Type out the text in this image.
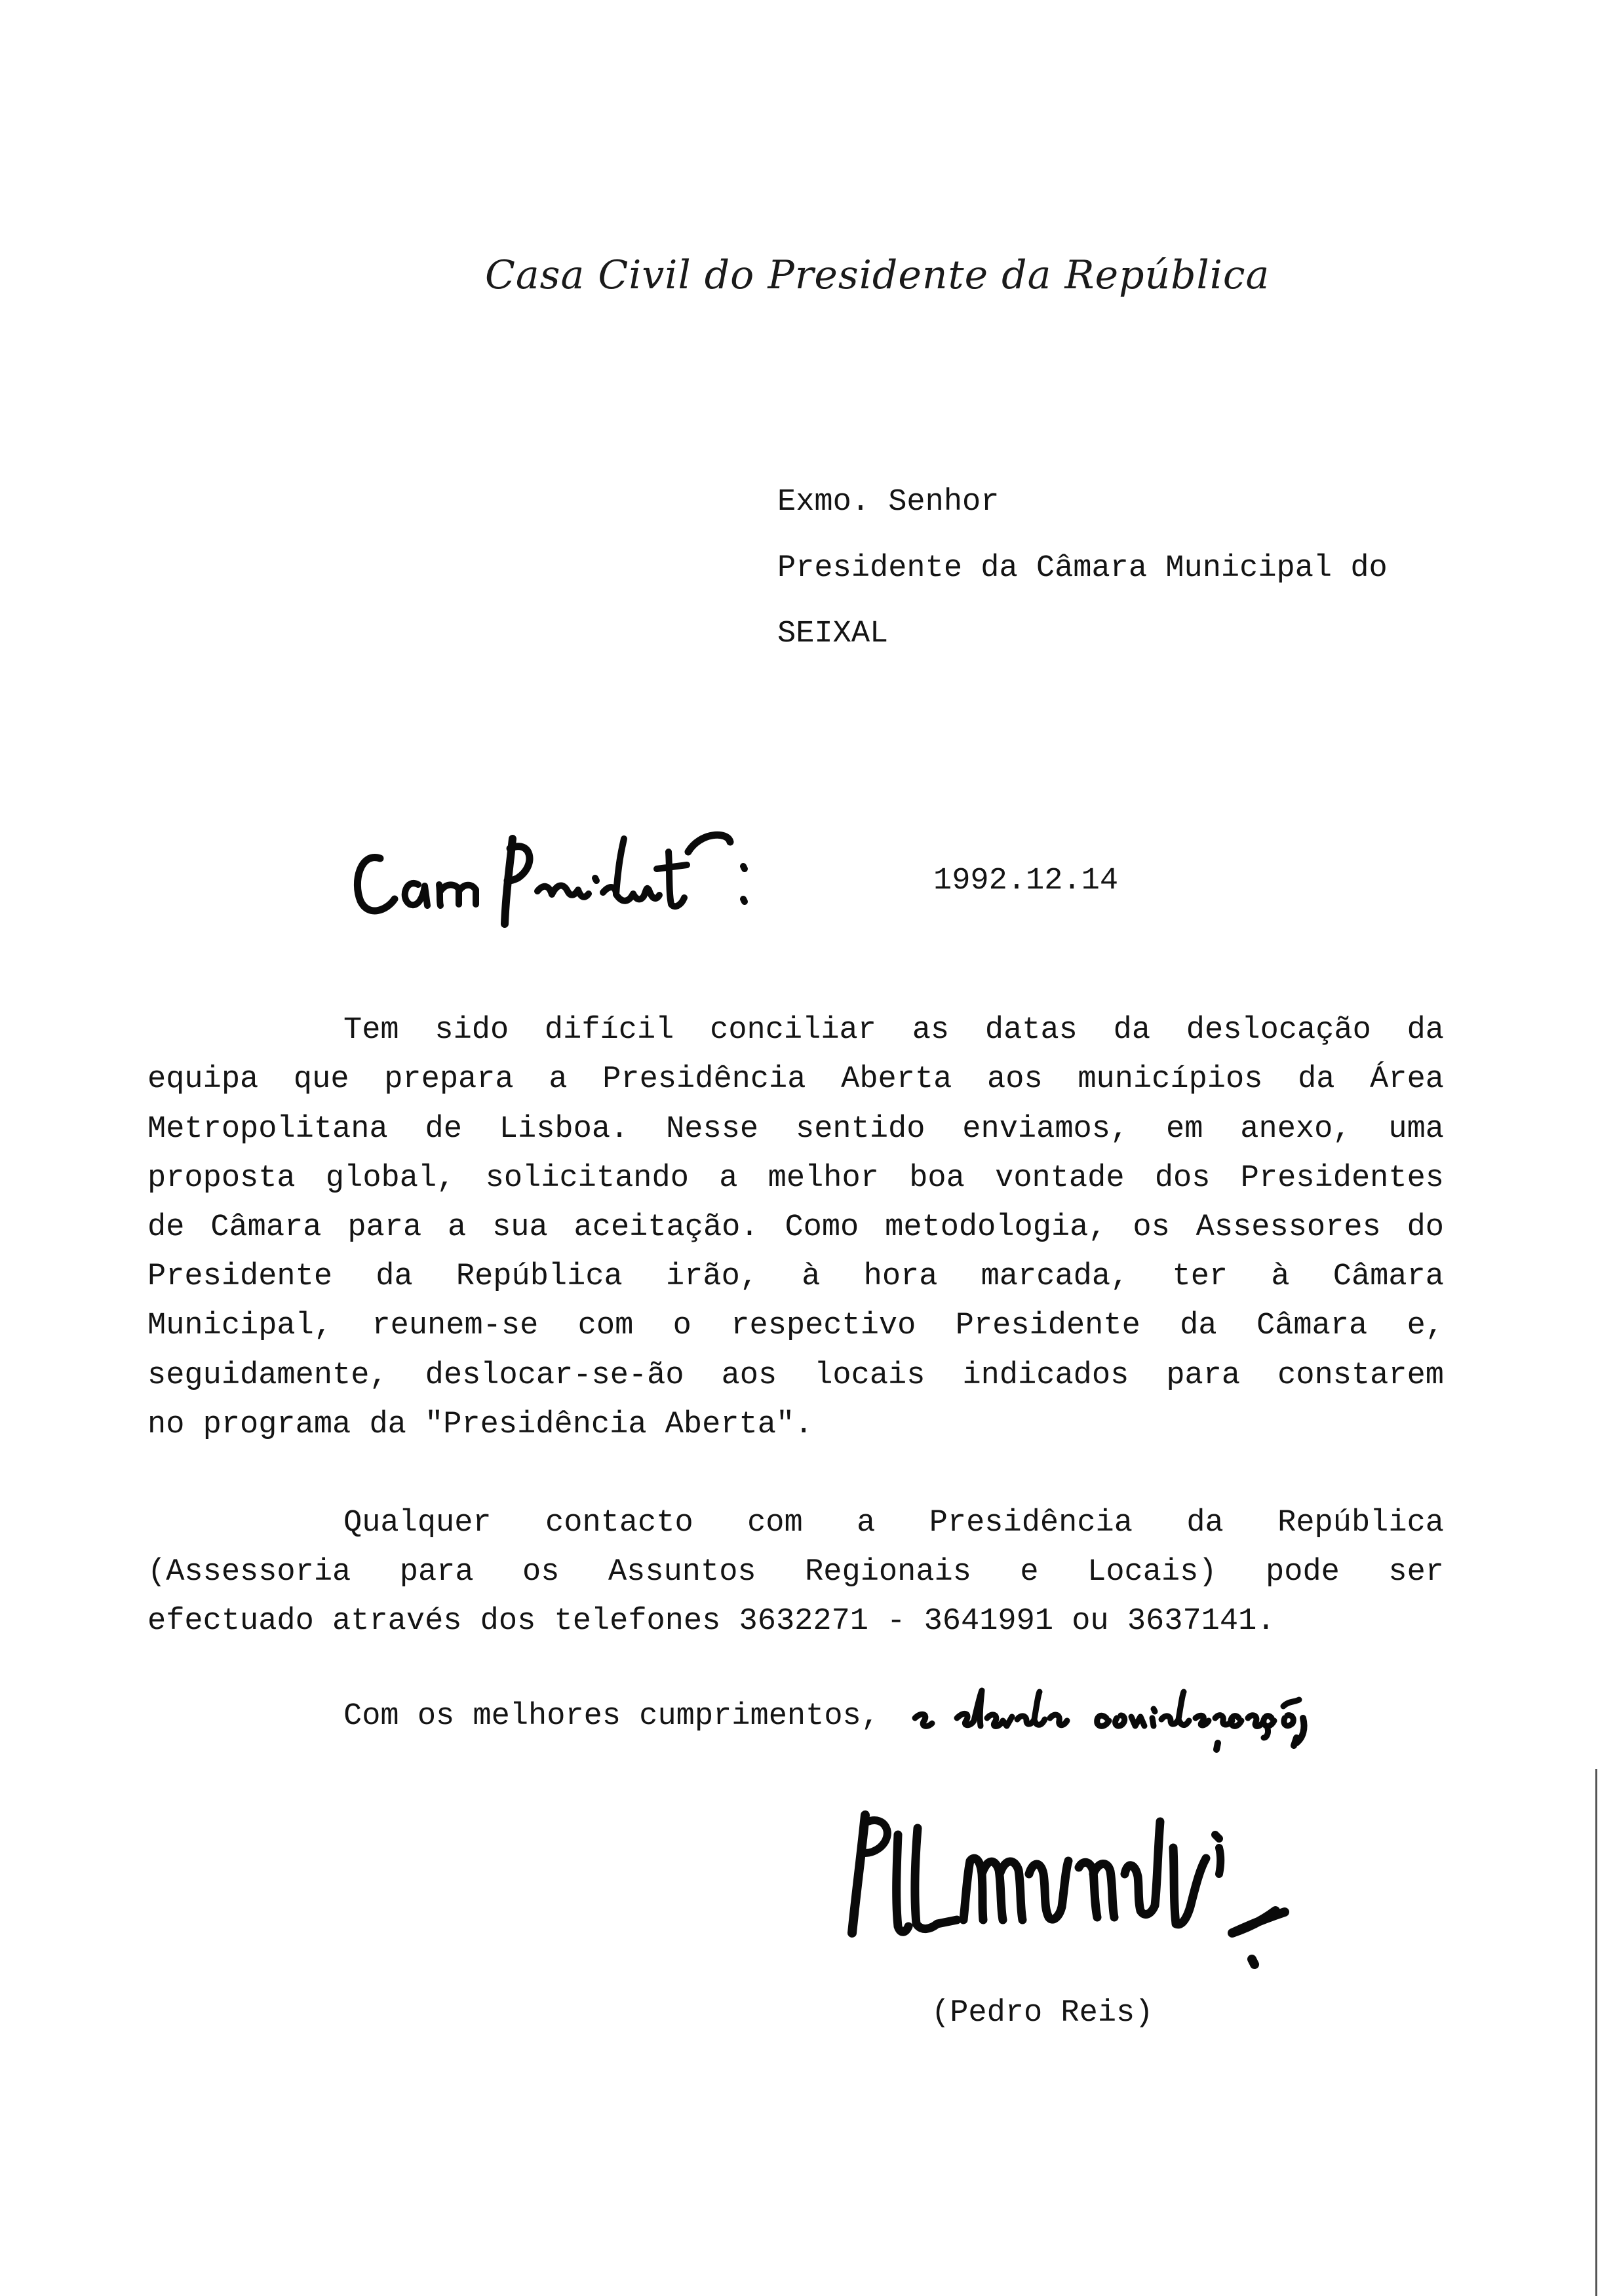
Casa Civil do Presidente da República
Exmo. Senhor
Presidente da Câmara Municipal do
SEIXAL
1992.12.14
Tem sido difícil conciliar as datas da deslocação da
equipa que prepara a Presidência Aberta aos municípios da Área
Metropolitana de Lisboa. Nesse sentido enviamos, em anexo, uma
proposta global, solicitando a melhor boa vontade dos Presidentes
de Câmara para a sua aceitação. Como metodologia, os Assessores do
Presidente da República irão, à hora marcada, ter à Câmara
Municipal, reunem-se com o respectivo Presidente da Câmara e,
seguidamente, deslocar-se-ão aos locais indicados para constarem
no programa da "Presidência Aberta".
Qualquer contacto com a Presidência da República
(Assessoria para os Assuntos Regionais e Locais) pode ser
efectuado através dos telefones 3632271 - 3641991 ou 3637141.
Com os melhores cumprimentos,
(Pedro Reis)
